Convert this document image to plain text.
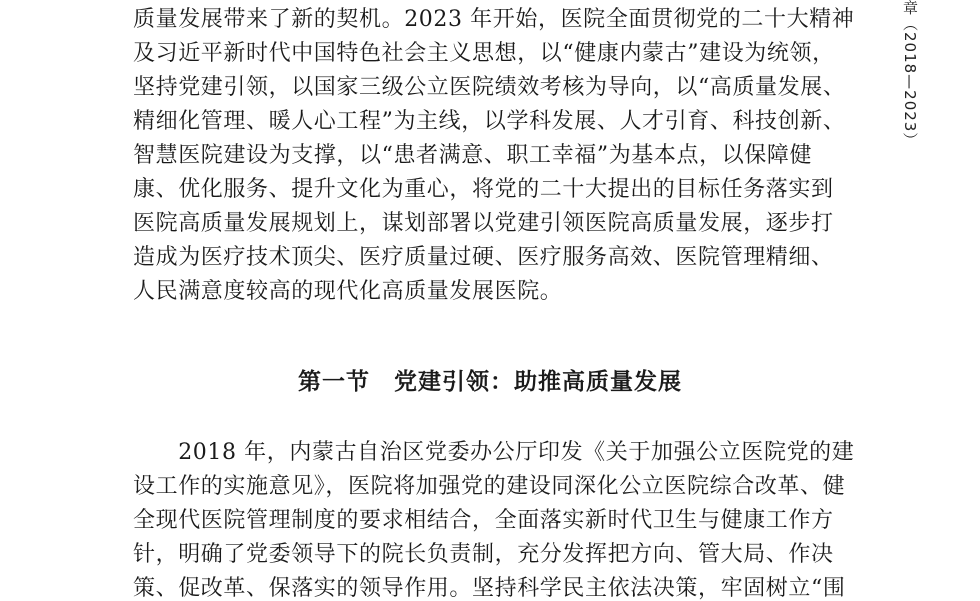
章（2018—2023）
质量发展带来了新的契机。2023 年开始，医院全面贯彻党的二十大精神
及习近平新时代中国特色社会主义思想，以“健康内蒙古”建设为统领，
坚持党建引领，以国家三级公立医院绩效考核为导向，以“高质量发展、
精细化管理、暖人心工程”为主线，以学科发展、人才引育、科技创新、
智慧医院建设为支撑，以“患者满意、职工幸福”为基本点，以保障健
康、优化服务、提升文化为重心，将党的二十大提出的目标任务落实到
医院高质量发展规划上，谋划部署以党建引领医院高质量发展，逐步打
造成为医疗技术顶尖、医疗质量过硬、医疗服务高效、医院管理精细、
人民满意度较高的现代化高质量发展医院。
第一节　党建引领：助推高质量发展
　　2018 年，内蒙古自治区党委办公厅印发《关于加强公立医院党的建
设工作的实施意见》，医院将加强党的建设同深化公立医院综合改革、健
全现代医院管理制度的要求相结合，全面落实新时代卫生与健康工作方
针，明确了党委领导下的院长负责制，充分发挥把方向、管大局、作决
策、促改革、保落实的领导作用。坚持科学民主依法决策，牢固树立“围
